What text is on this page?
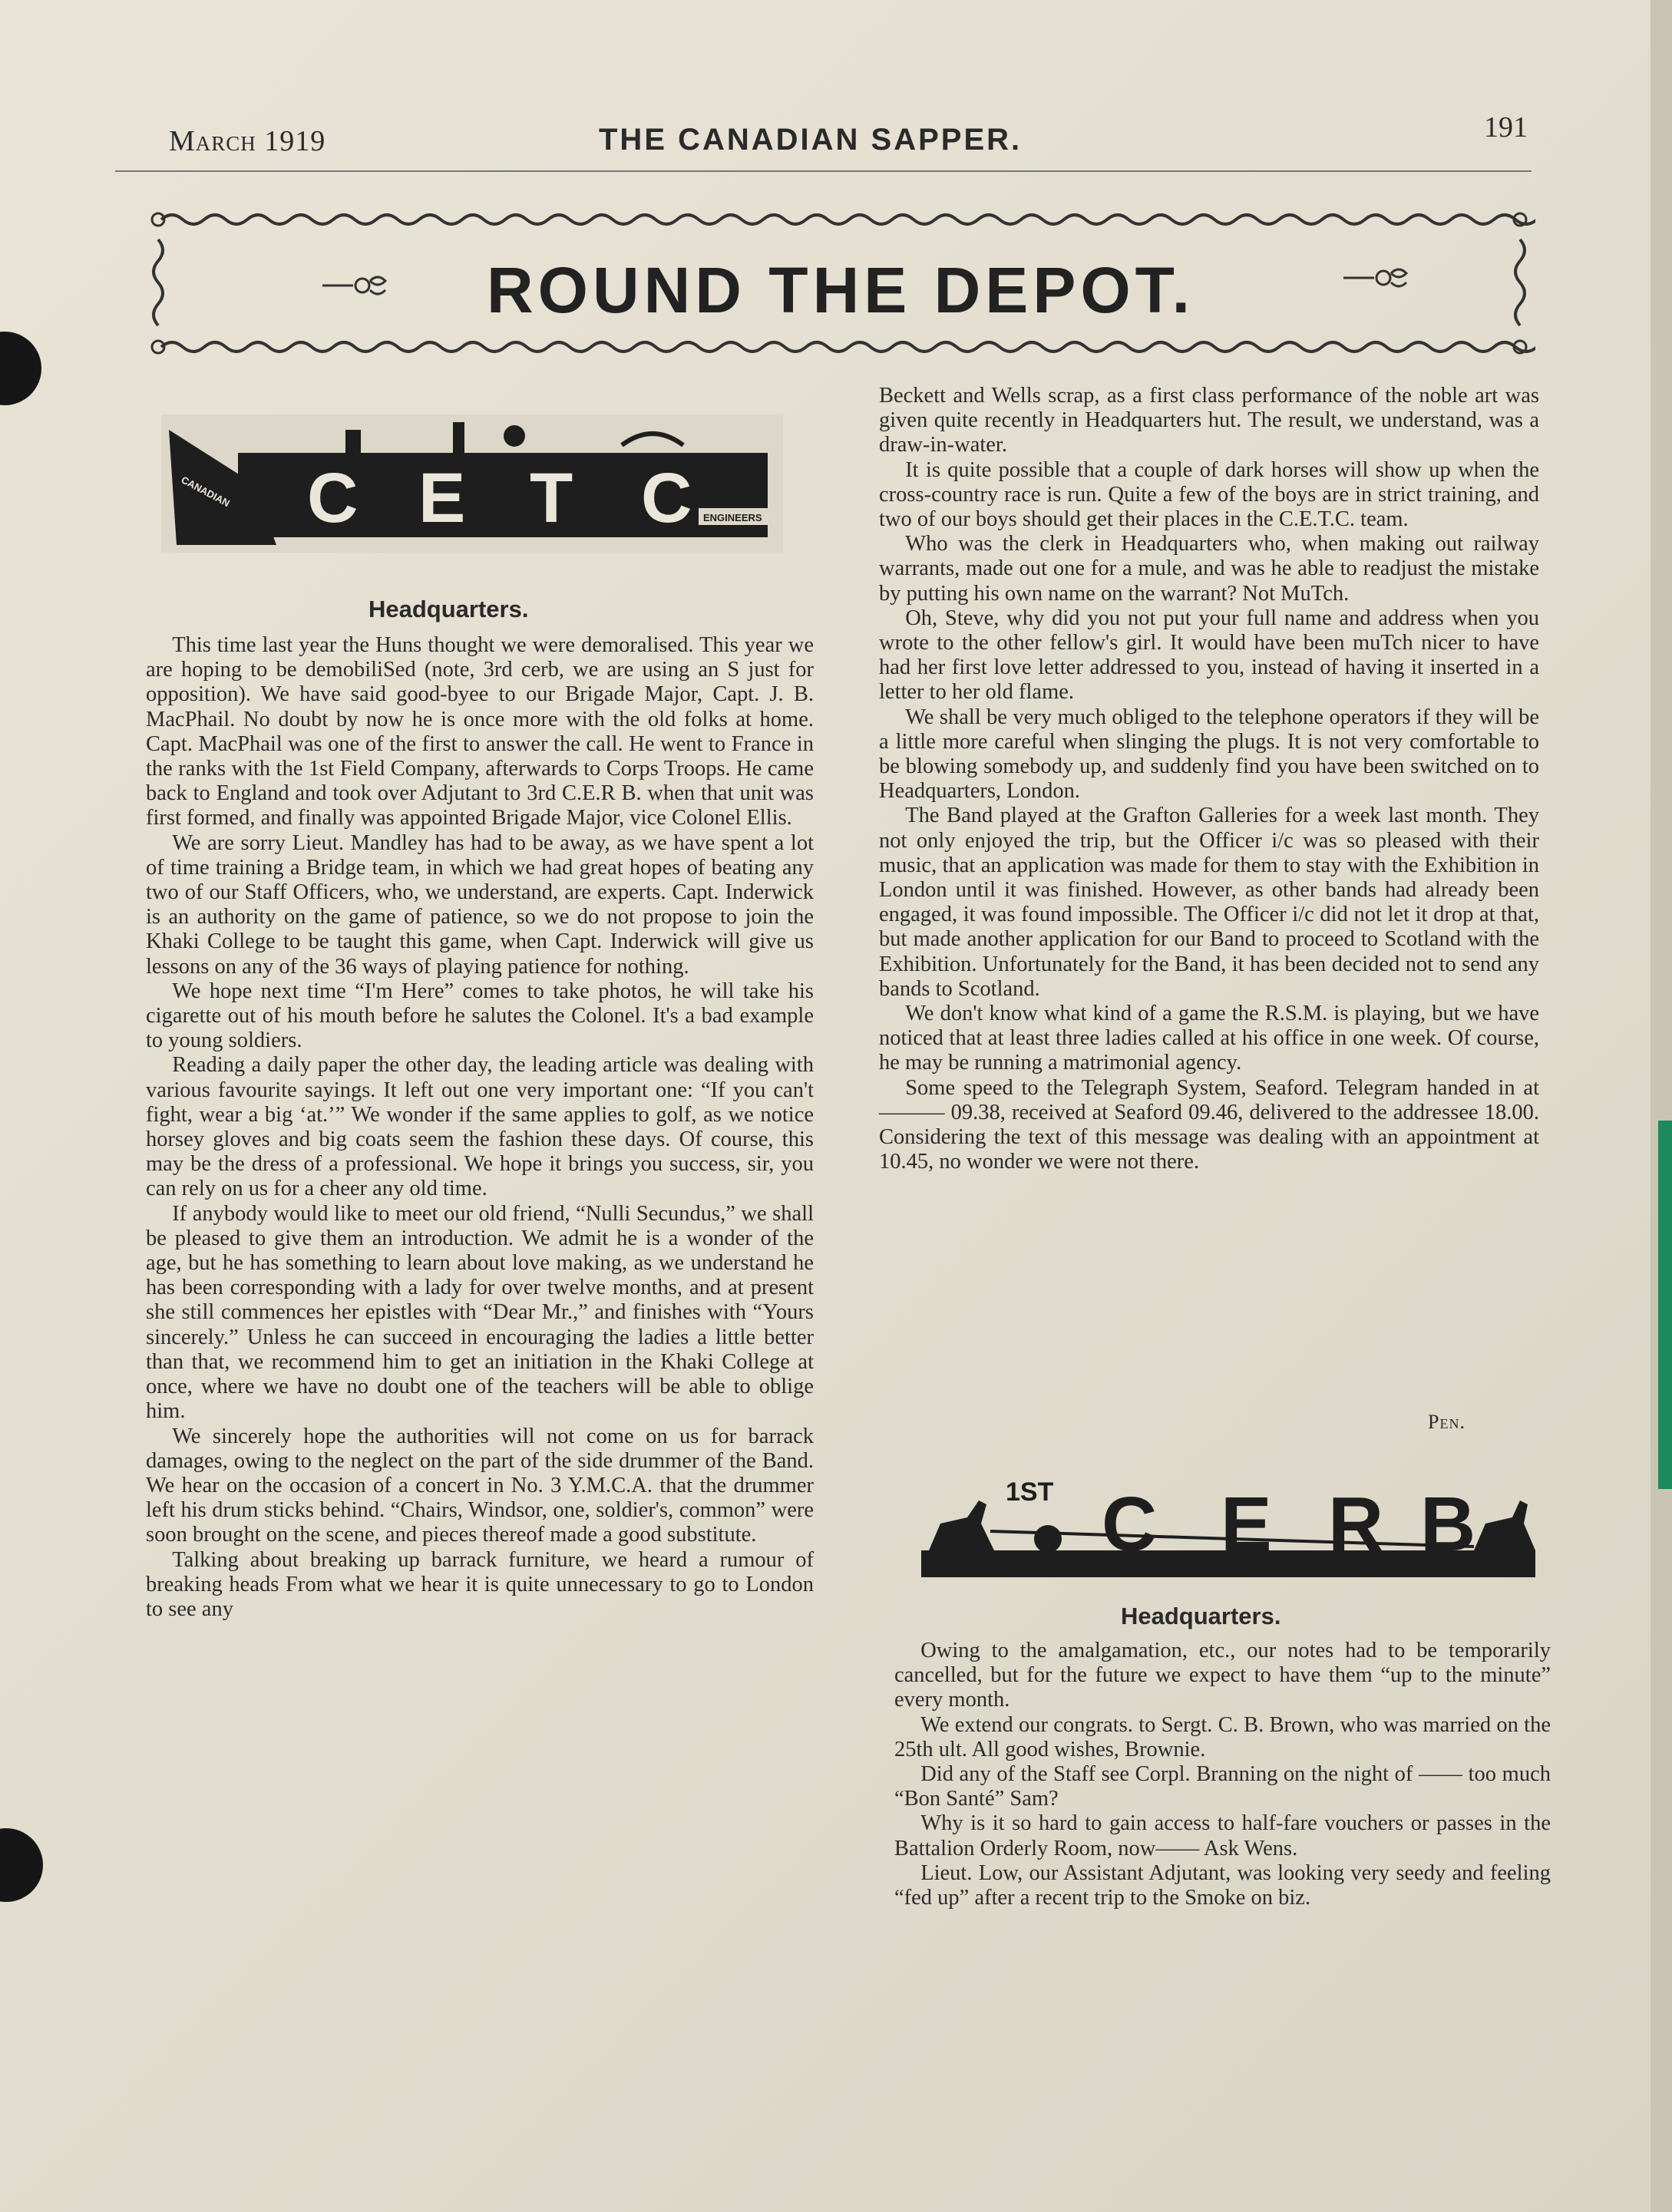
March 1919	THE CANADIAN SAPPER.	191
ROUND THE DEPOT.
C E T C
CANADIAN
ENGINEERS
Headquarters.

This time last year the Huns thought we were demoralised. This year we are hoping to be demobiliSed (note, 3rd cerb, we are using an S just for opposition). We have said good-byee to our Brigade Major, Capt. J. B. MacPhail. No doubt by now he is once more with the old folks at home. Capt. MacPhail was one of the first to answer the call. He went to France in the ranks with the 1st Field Company, afterwards to Corps Troops. He came back to England and took over Adjutant to 3rd C.E.R B. when that unit was first formed, and finally was appointed Brigade Major, vice Colonel Ellis.

We are sorry Lieut. Mandley has had to be away, as we have spent a lot of time training a Bridge team, in which we had great hopes of beating any two of our Staff Officers, who, we understand, are experts. Capt. Inderwick is an authority on the game of patience, so we do not propose to join the Khaki College to be taught this game, when Capt. Inderwick will give us lessons on any of the 36 ways of playing patience for nothing.

We hope next time “I'm Here” comes to take photos, he will take his cigarette out of his mouth before he salutes the Colonel. It's a bad example to young soldiers.

Reading a daily paper the other day, the leading article was dealing with various favourite sayings. It left out one very important one: “If you can't fight, wear a big ‘at.’” We wonder if the same applies to golf, as we notice horsey gloves and big coats seem the fashion these days. Of course, this may be the dress of a professional. We hope it brings you success, sir, you can rely on us for a cheer any old time.

If anybody would like to meet our old friend, “Nulli Secundus,” we shall be pleased to give them an introduction. We admit he is a wonder of the age, but he has something to learn about love making, as we understand he has been corresponding with a lady for over twelve months, and at present she still commences her epistles with “Dear Mr.,” and finishes with “Yours sincerely.” Unless he can succeed in encouraging the ladies a little better than that, we recommend him to get an initiation in the Khaki College at once, where we have no doubt one of the teachers will be able to oblige him.

We sincerely hope the authorities will not come on us for barrack damages, owing to the neglect on the part of the side drummer of the Band. We hear on the occasion of a concert in No. 3 Y.M.C.A. that the drummer left his drum sticks behind. “Chairs, Windsor, one, soldier's, common” were soon brought on the scene, and pieces thereof made a good substitute.

Talking about breaking up barrack furniture, we heard a rumour of breaking heads From what we hear it is quite unnecessary to go to London to see any

Beckett and Wells scrap, as a first class performance of the noble art was given quite recently in Headquarters hut. The result, we understand, was a draw-in-water.

It is quite possible that a couple of dark horses will show up when the cross-country race is run. Quite a few of the boys are in strict training, and two of our boys should get their places in the C.E.T.C. team.

Who was the clerk in Headquarters who, when making out railway warrants, made out one for a mule, and was he able to readjust the mistake by putting his own name on the warrant? Not MuTch.

Oh, Steve, why did you not put your full name and address when you wrote to the other fellow's girl. It would have been muTch nicer to have had her first love letter addressed to you, instead of having it inserted in a letter to her old flame.

We shall be very much obliged to the telephone operators if they will be a little more careful when slinging the plugs. It is not very comfortable to be blowing somebody up, and suddenly find you have been switched on to Headquarters, London.

The Band played at the Grafton Galleries for a week last month. They not only enjoyed the trip, but the Officer i/c was so pleased with their music, that an application was made for them to stay with the Exhibition in London until it was finished. However, as other bands had already been engaged, it was found impossible. The Officer i/c did not let it drop at that, but made another application for our Band to proceed to Scotland with the Exhibition. Unfortunately for the Band, it has been decided not to send any bands to Scotland.

We don't know what kind of a game the R.S.M. is playing, but we have noticed that at least three ladies called at his office in one week. Of course, he may be running a matrimonial agency.

Some speed to the Telegraph System, Seaford. Telegram handed in at ——— 09.38, received at Seaford 09.46, delivered to the addressee 18.00. Considering the text of this message was dealing with an appointment at 10.45, no wonder we were not there.

Pen.
1ST C E R B
Headquarters.

Owing to the amalgamation, etc., our notes had to be temporarily cancelled, but for the future we expect to have them “up to the minute” every month.

We extend our congrats. to Sergt. C. B. Brown, who was married on the 25th ult. All good wishes, Brownie.

Did any of the Staff see Corpl. Branning on the night of —— too much “Bon Santé” Sam?

Why is it so hard to gain access to half-fare vouchers or passes in the Battalion Orderly Room, now—— Ask Wens.

Lieut. Low, our Assistant Adjutant, was looking very seedy and feeling “fed up” after a recent trip to the Smoke on biz.
